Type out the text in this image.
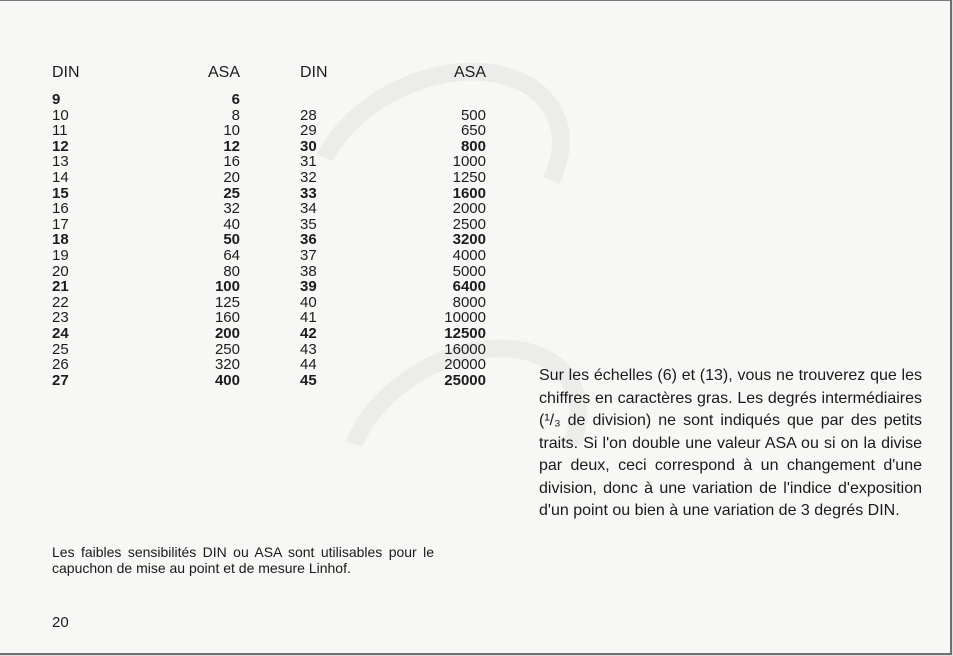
DIN	ASA
9	6
10	8
11	10
12	12
13	16
14	20
15	25
16	32
17	40
18	50
19	64
20	80
21	100
22	125
23	160
24	200
25	250
26	320
27	400
DIN	ASA
28	500
29	650
30	800
31	1000
32	1250
33	1600
34	2000
35	2500
36	3200
37	4000
38	5000
39	6400
40	8000
41	10000
42	12500
43	16000
44	20000
45	25000	Sur les échelles (6) et (13), vous ne trouverez que les chiffres en caractères gras. Les degrés intermédiaires (¹/₃ de division) ne sont indiqués que par des petits traits. Si l'on double une valeur ASA ou si on la divise par deux, ceci correspond à un changement d'une division, donc à une variation de l'indice d'exposition d'un point ou bien à une variation de 3 degrés DIN.
Les faibles sensibilités DIN ou ASA sont utilisables pour le capuchon de mise au point et de mesure Linhof.
20
